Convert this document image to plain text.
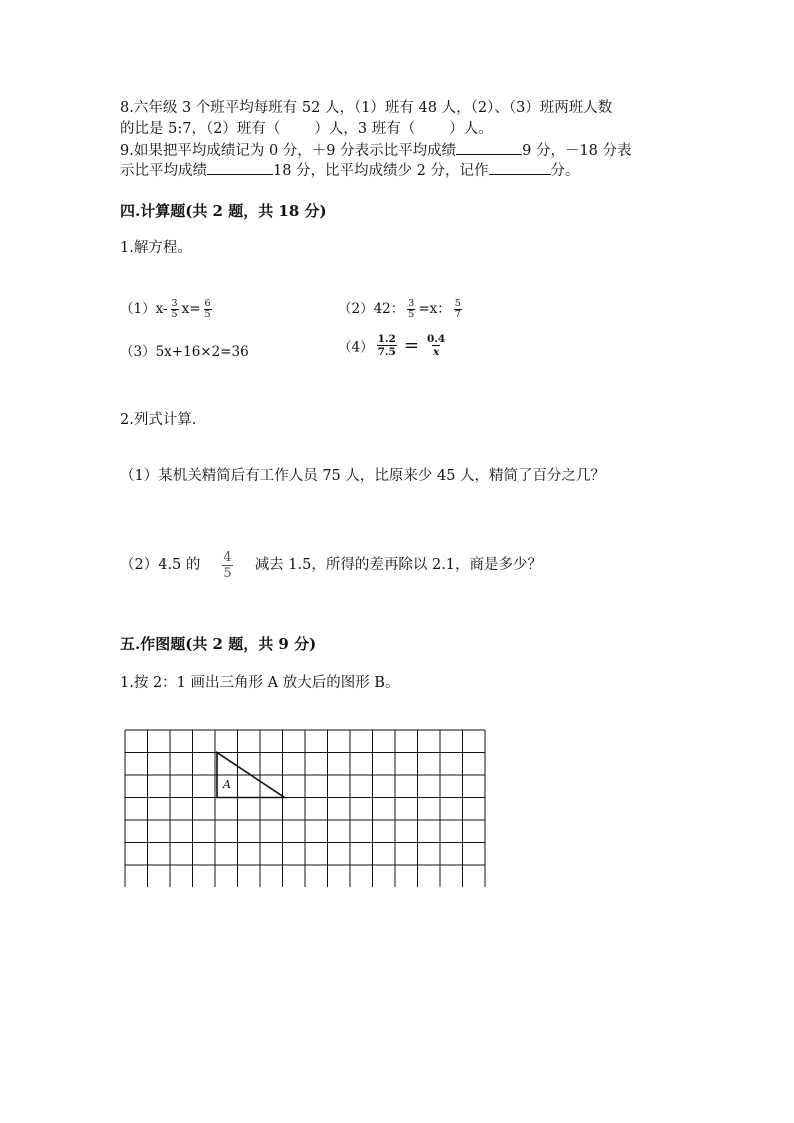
8.六年级 3 个班平均每班有 52 人，（1）班有 48 人，（2）、（3）班两班人数
的比是 5:7，（2）班有（ ）人，3 班有（ ）人。
9.如果把平均成绩记为 0 分，＋9 分表示比平均成绩	9 分，－18 分表
示比平均成绩	18 分，比平均成绩少 2 分，记作	分。
四.计算题(共 2 题，共 18 分)
1.解方程。
$(1)x- \frac{3}{5} x= \frac{6}{5}$	（2）42： $\frac{3}{5} =x$： $\frac{5}{7}$
（3）5x+16×2=36	$(4) \frac{1.2}{7.5} = \frac{0.4}{x}$
2.列式计算.
（1）某机关精简后有工作人员 75 人，比原来少 45 人，精简了百分之几？
（2）4.5 的 $\frac{4}{5}$ 减去 1.5，所得的差再除以 2.1，商是多少？
五.作图题(共 2 题，共 9 分)
1.按 2：1 画出三角形 A 放大后的图形 B。
A
